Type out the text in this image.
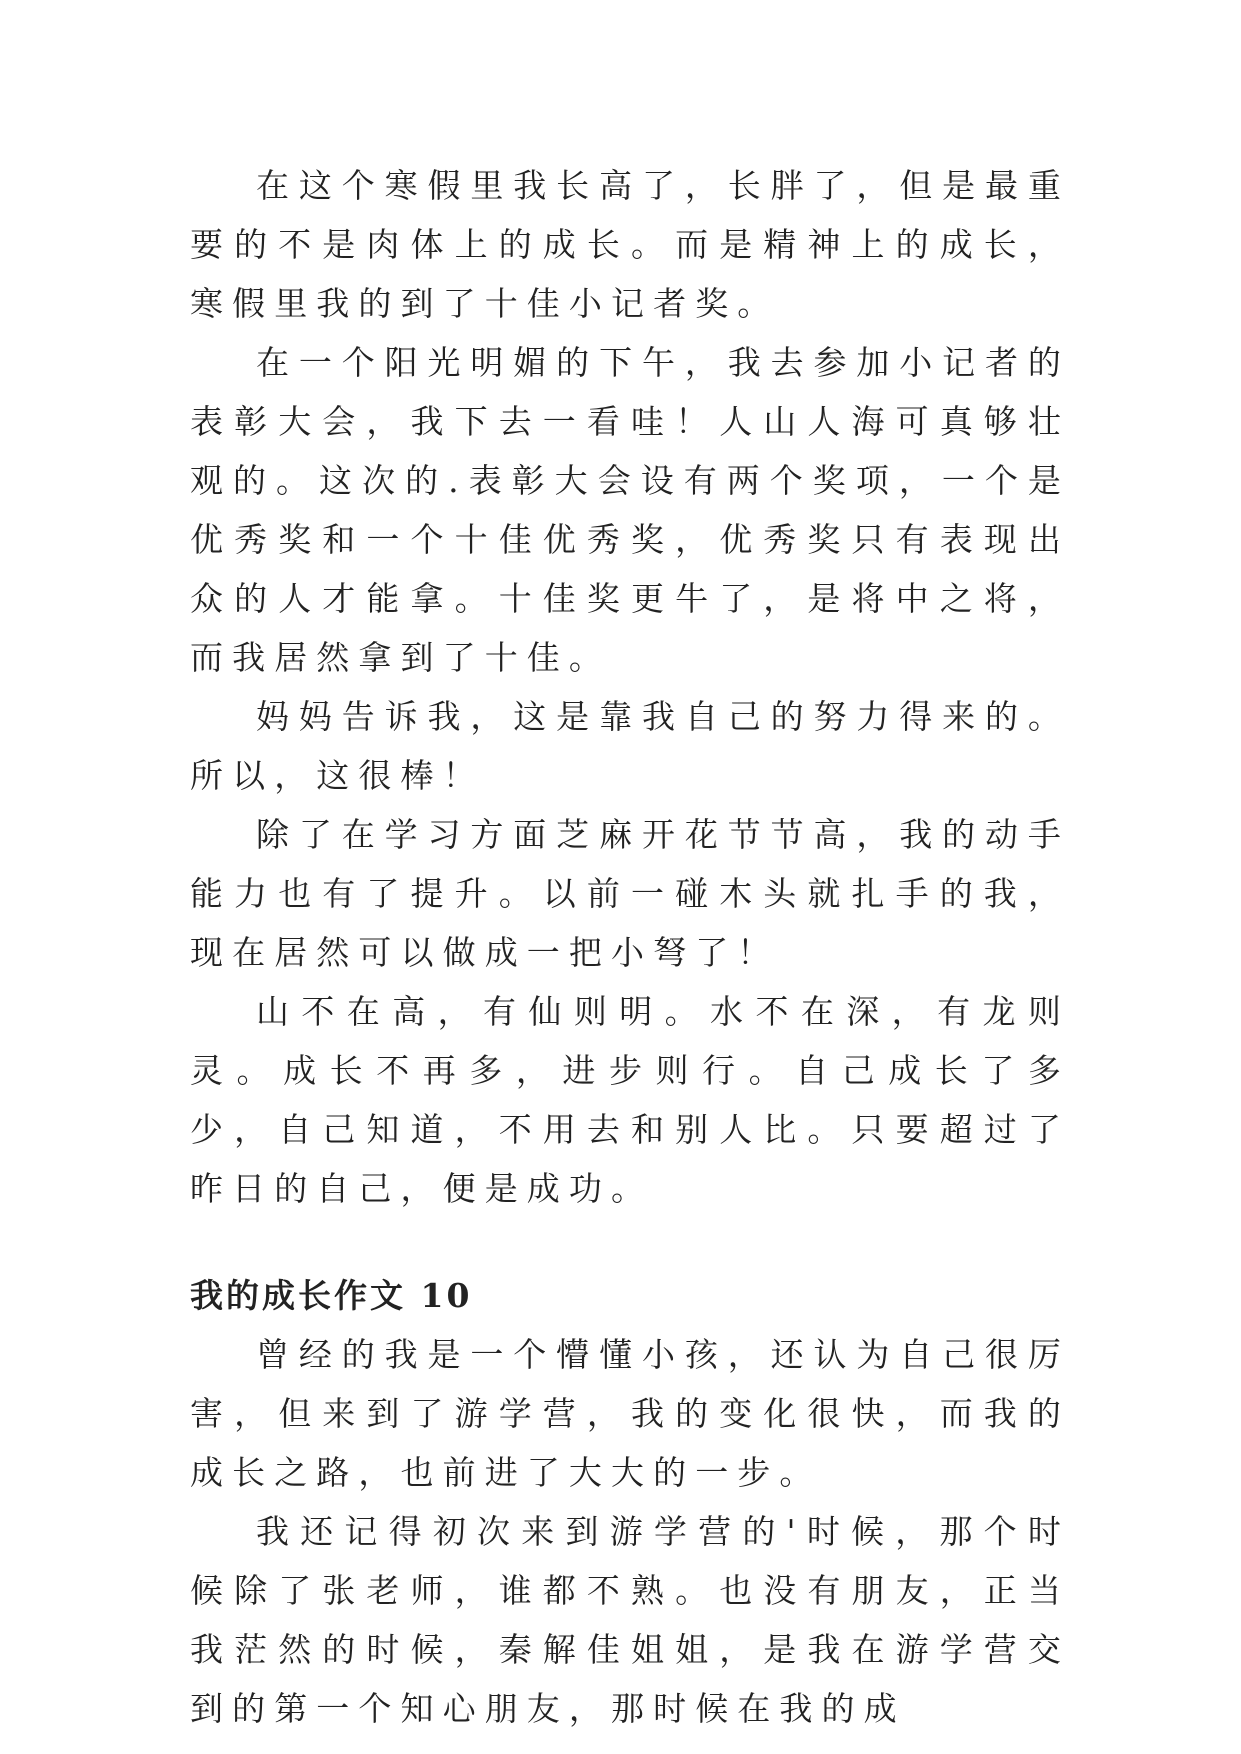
在这个寒假里我长高了，长胖了，但是最重要的不是肉体上的成长。而是精神上的成长，寒假里我的到了十佳小记者奖。

在一个阳光明媚的下午，我去参加小记者的表彰大会，我下去一看哇！人山人海可真够壮观的。这次的.表彰大会设有两个奖项，一个是优秀奖和一个十佳优秀奖，优秀奖只有表现出众的人才能拿。十佳奖更牛了，是将中之将，而我居然拿到了十佳。

妈妈告诉我，这是靠我自己的努力得来的。所以，这很棒！

除了在学习方面芝麻开花节节高，我的动手能力也有了提升。以前一碰木头就扎手的我，现在居然可以做成一把小弩了！

山不在高，有仙则明。水不在深，有龙则灵。成长不再多，进步则行。自己成长了多少，自己知道，不用去和别人比。只要超过了昨日的自己，便是成功。

我的成长作文 10

曾经的我是一个懵懂小孩，还认为自己很厉害，但来到了游学营，我的变化很快，而我的成长之路，也前进了大大的一步。

我还记得初次来到游学营的'时候，那个时候除了张老师，谁都不熟。也没有朋友，正当我茫然的时候，秦解佳姐姐，是我在游学营交到的第一个知心朋友，那时候在我的成
